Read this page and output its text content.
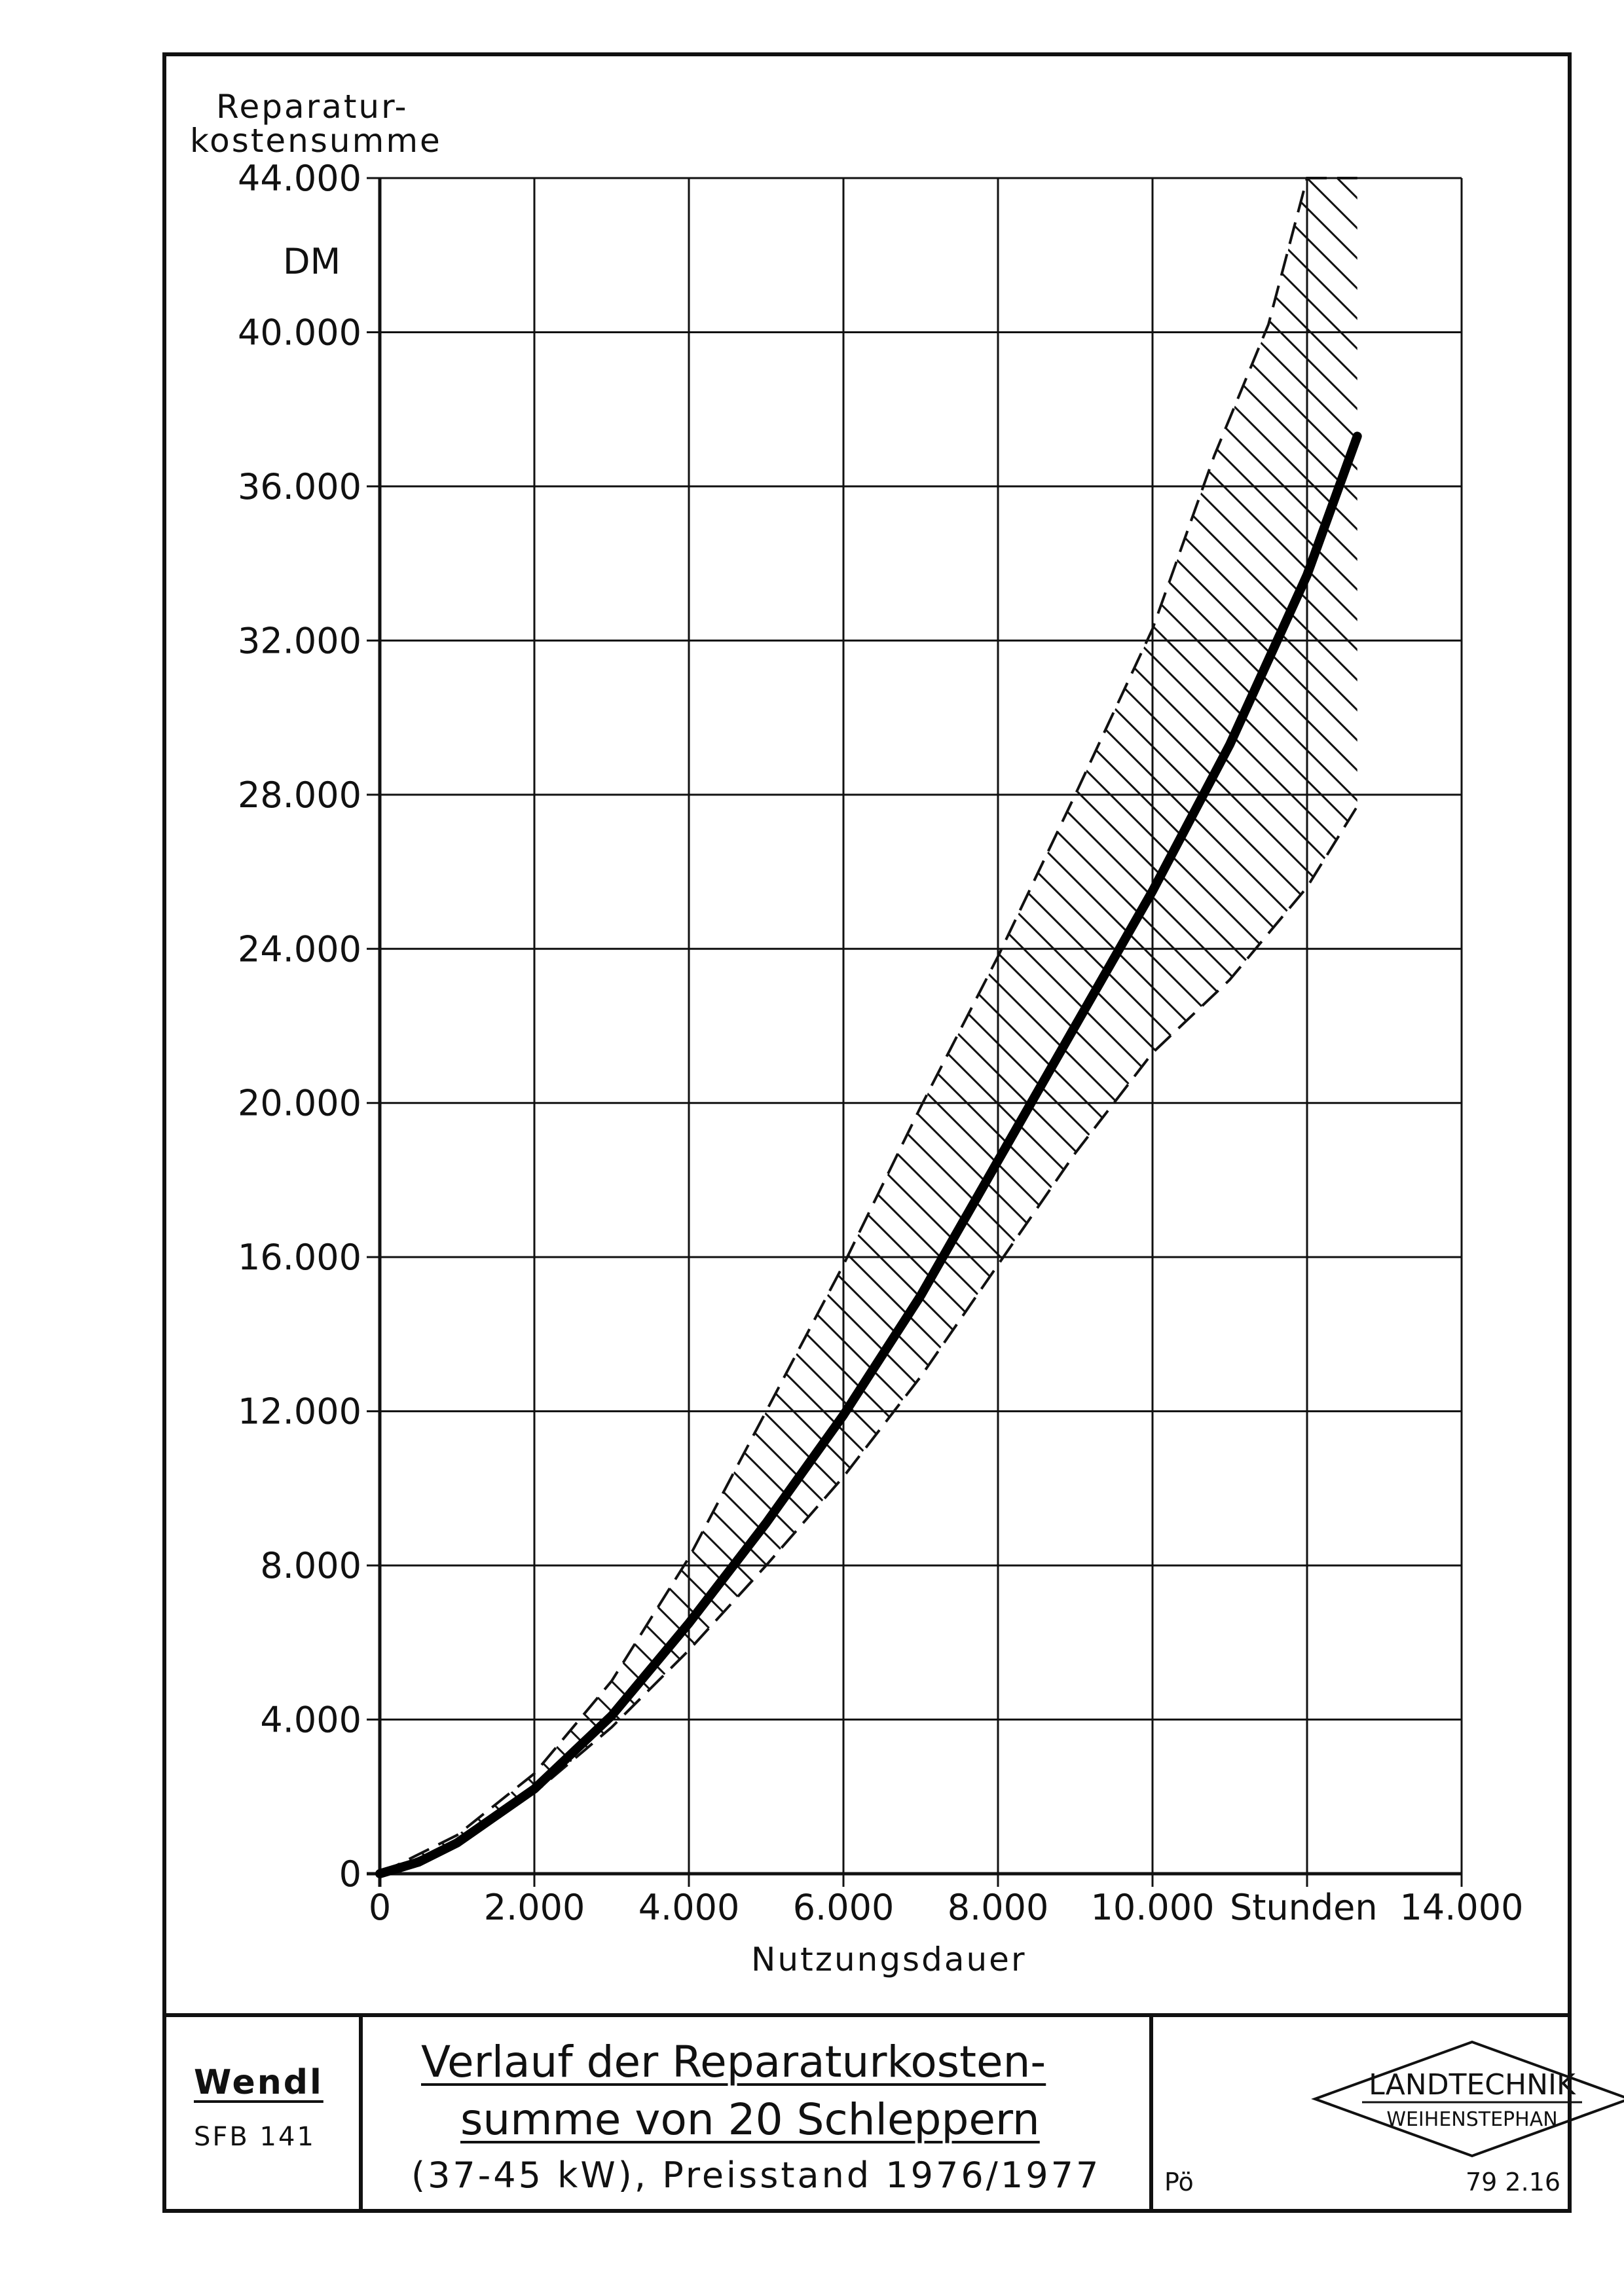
0
4.000
8.000
12.000
16.000
20.000
24.000
28.000
32.000
36.000
40.000
44.000
0	2.000 4.000 6.000 8.000 10.000	14.000
Reparatur-
kostensumme
DM
Nutzungsdauer
Stunden
Wendl
SFB 141
Verlauf der Reparaturkosten-
summe von 20 Schleppern
(37-45 kW), Preisstand 1976/1977
LANDTECHNIK
WEIHENSTEPHAN
Pö	79 2.16
